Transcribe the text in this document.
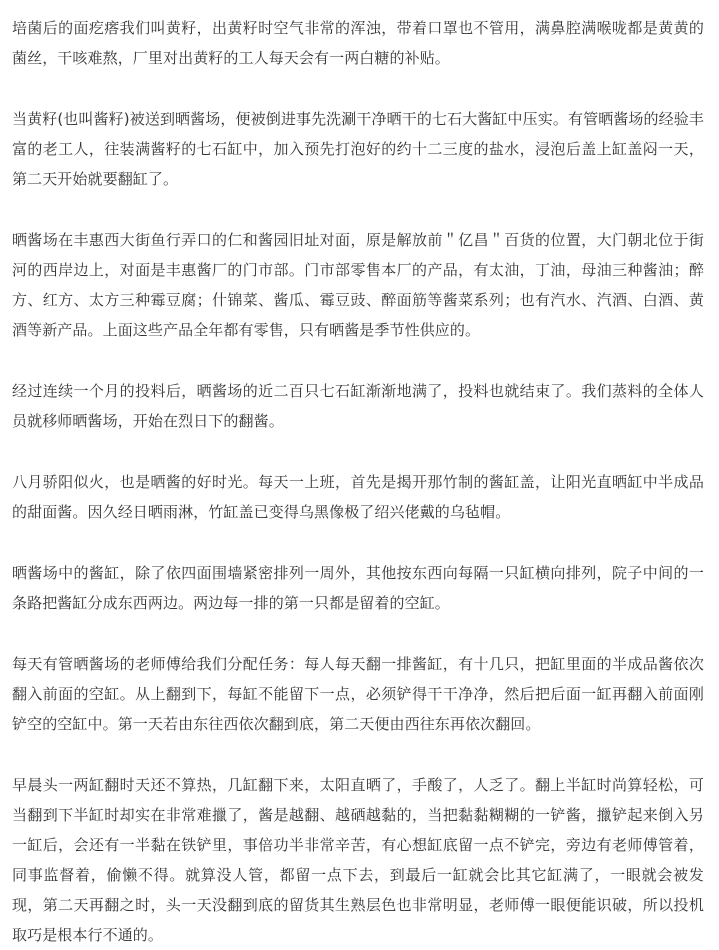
培菌后的面疙瘩我们叫黄籽，出黄籽时空气非常的浑浊，带着口罩也不管用，满鼻腔满喉咙都是黄黄的菌丝，干咳难熬，厂里对出黄籽的工人每天会有一两白糖的补贴。

当黄籽(也叫酱籽)被送到晒酱场，便被倒进事先洗涮干净晒干的七石大酱缸中压实。有管晒酱场的经验丰富的老工人，往装满酱籽的七石缸中，加入预先打泡好的约十二三度的盐水，浸泡后盖上缸盖闷一天，第二天开始就要翻缸了。

晒酱场在丰惠西大街鱼行弄口的仁和酱园旧址对面，原是解放前＂亿昌＂百货的位置，大门朝北位于街河的西岸边上，对面是丰惠酱厂的门市部。门市部零售本厂的产品，有太油，丁油，母油三种酱油；醉方、红方、太方三种霉豆腐；什锦菜、酱瓜、霉豆豉、醉面筋等酱菜系列；也有汽水、汽酒、白酒、黄酒等新产品。上面这些产品全年都有零售，只有晒酱是季节性供应的。

经过连续一个月的投料后，晒酱场的近二百只七石缸渐渐地满了，投料也就结束了。我们蒸料的全体人员就移师晒酱场，开始在烈日下的翻酱。

八月骄阳似火，也是晒酱的好时光。每天一上班，首先是揭开那竹制的酱缸盖，让阳光直晒缸中半成品的甜面酱。因久经日晒雨淋，竹缸盖已变得乌黑像极了绍兴佬戴的乌毡帽。

晒酱场中的酱缸，除了依四面围墙紧密排列一周外，其他按东西向每隔一只缸横向排列，院子中间的一条路把酱缸分成东西两边。两边每一排的第一只都是留着的空缸。

每天有管晒酱场的老师傅给我们分配任务：每人每天翻一排酱缸，有十几只，把缸里面的半成品酱依次翻入前面的空缸。从上翻到下，每缸不能留下一点，必须铲得干干净净，然后把后面一缸再翻入前面刚铲空的空缸中。第一天若由东往西依次翻到底，第二天便由西往东再依次翻回。

早晨头一两缸翻时天还不算热，几缸翻下来，太阳直晒了，手酸了，人乏了。翻上半缸时尚算轻松，可当翻到下半缸时却实在非常难擸了，酱是越翻、越硒越黏的，当把黏黏糊糊的一铲酱，擸铲起来倒入另一缸后，会还有一半黏在铁铲里，事倍功半非常辛苦，有心想缸底留一点不铲完，旁边有老师傅管着，同事监督着，偷懒不得。就算没人管，都留一点下去，到最后一缸就会比其它缸满了，一眼就会被发现，第二天再翻之时，头一天没翻到底的留货其生熟层色也非常明显，老师傅一眼便能识破，所以投机取巧是根本行不通的。
